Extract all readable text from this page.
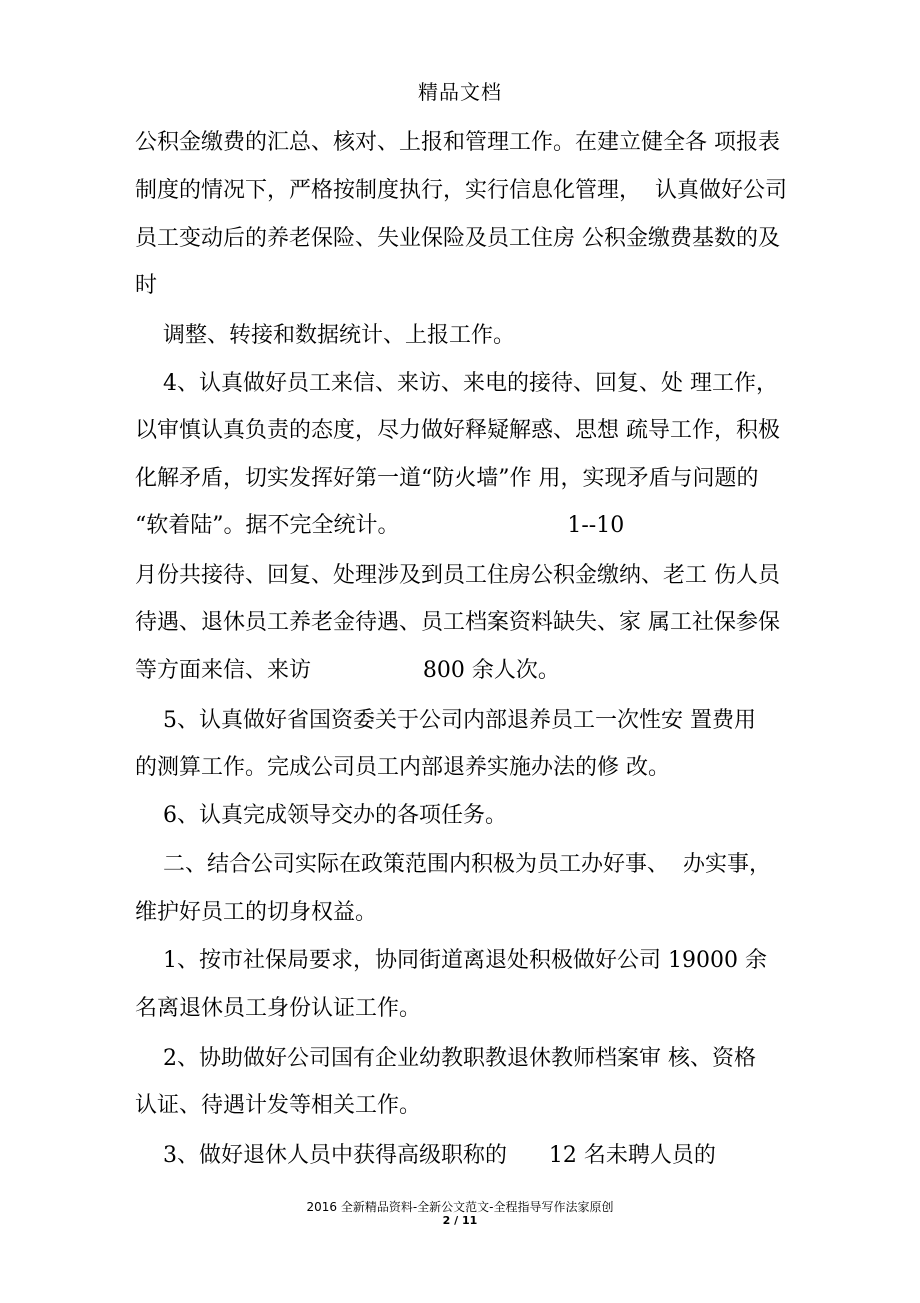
精品文档
公积金缴费的汇总、核对、上报和管理工作。在建立健全各 项报表
制度的情况下，严格按制度执行，实行信息化管理，  认真做好公司
员工变动后的养老保险、失业保险及员工住房 公积金缴费基数的及
时
调整、转接和数据统计、上报工作。
4、认真做好员工来信、来访、来电的接待、回复、处 理工作，
以审慎认真负责的态度，尽力做好释疑解惑、思想 疏导工作，积极
化解矛盾，切实发挥好第一道“防火墙”作 用，实现矛盾与问题的
“软着陆”。据不完全统计。                        1--10
月份共接待、回复、处理涉及到员工住房公积金缴纳、老工 伤人员
待遇、退休员工养老金待遇、员工档案资料缺失、家 属工社保参保
等方面来信、来访                800 余人次。
5、认真做好省国资委关于公司内部退养员工一次性安 置费用
的测算工作。完成公司员工内部退养实施办法的修 改。
6、认真完成领导交办的各项任务。
二、结合公司实际在政策范围内积极为员工办好事、  办实事，
维护好员工的切身权益。
1、按市社保局要求，协同街道离退处积极做好公司 19000 余
名离退休员工身份认证工作。
2、协助做好公司国有企业幼教职教退休教师档案审 核、资格
认证、待遇计发等相关工作。
3、做好退休人员中获得高级职称的      12 名未聘人员的
2016 全新精品资料-全新公文范文-全程指导写作法家原创
2 / 11
